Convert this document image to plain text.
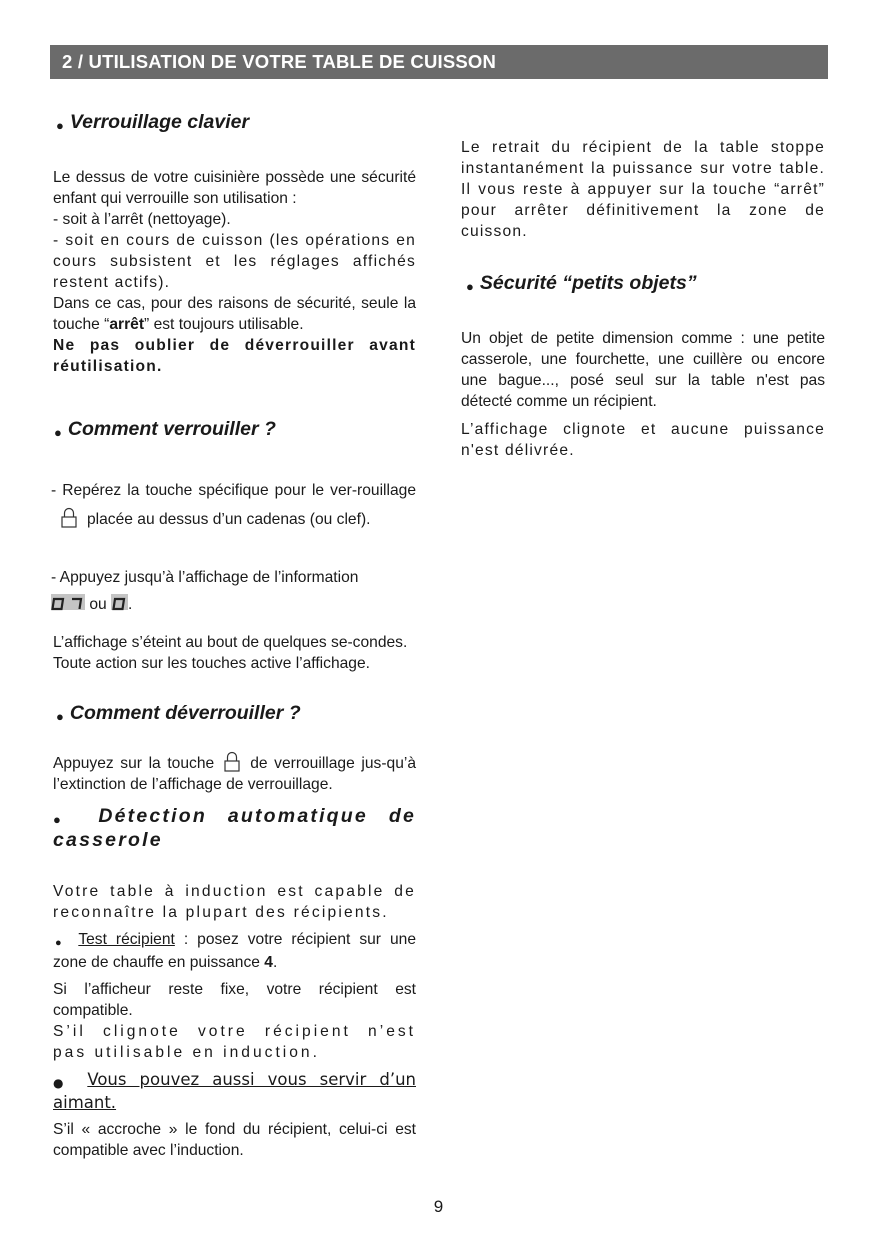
2 / UTILISATION DE VOTRE TABLE DE CUISSON
● Verrouillage clavier

Le dessus de votre cuisinière possède une sécurité enfant qui verrouille son utilisation :

- soit à l’arrêt (nettoyage).

- soit en cours de cuisson (les opérations en cours subsistent et les réglages affichés restent actifs).

Dans ce cas, pour des raisons de sécurité, seule la touche “arrêt” est toujours utilisable.

Ne pas oublier de déverrouiller avant réutilisation.

● Comment verrouiller ?

- Repérez la touche spécifique pour le ver-rouillageplacée au dessus d’un cadenas (ou clef).

- Appuyez jusqu’à l’affichage de l’information

ou .

L’affichage s’éteint au bout de quelques se-condes.

Toute action sur les touches active l’affichage.

● Comment déverrouiller ?

Appuyez sur la touche de verrouillage jus-qu’à l’extinction de l’affichage de verrouillage.

● Détection automatique de casserole

Votre table à induction est capable de reconnaître la plupart des récipients.

● Test récipient : posez votre récipient sur une zone de chauffe en puissance 4.

Si l’afficheur reste fixe, votre récipient est compatible.

S’il clignote votre récipient n’est pas utilisable en induction.

● Vous pouvez aussi vous servir d’un aimant.

S’il « accroche » le fond du récipient, celui-ci est compatible avec l’induction.

Le retrait du récipient de la table stoppe instantanément la puissance sur votre table. Il vous reste à appuyer sur la touche “arrêt” pour arrêter définitivement la zone de cuisson.

● Sécurité “petits objets”

Un objet de petite dimension comme : une petite casserole, une fourchette, une cuillère ou encore une bague..., posé seul sur la table n'est pas détecté comme un récipient.

L’affichage clignote et aucune puissance n'est délivrée.

9
